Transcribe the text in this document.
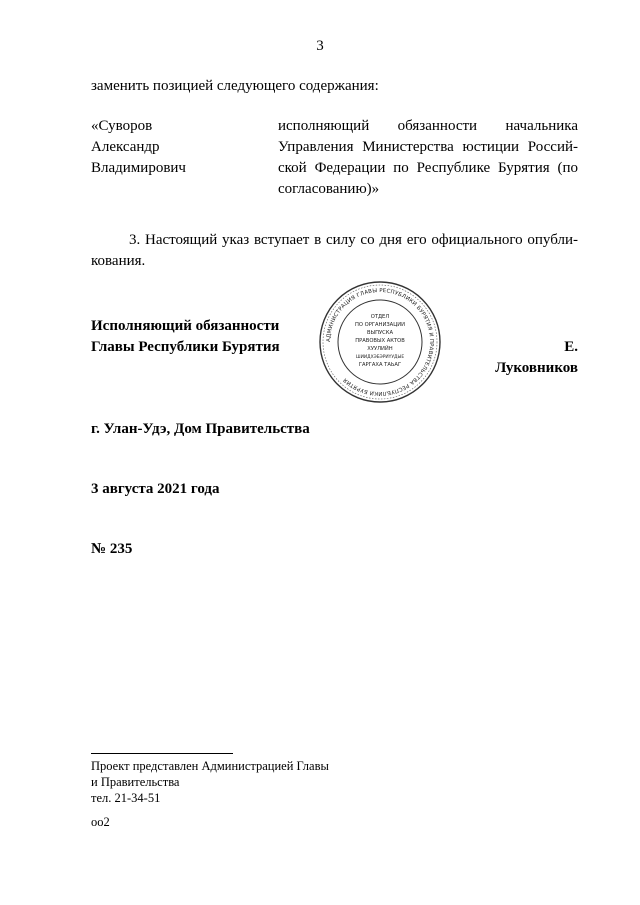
3
заменить позицией следующего содержания:
«Суворов
Александр
Владимирович
исполняющий обязанности начальника Управления Министерства юстиции Россий-ской Федерации по Республике Бурятия (по согласованию)»
3. Настоящий указ вступает в силу со дня его официального опубли-кования.
Исполняющий обязанности
Главы Республики Бурятия	АДМИНИСТРАЦИЯ ГЛАВЫ РЕСПУБЛИКИ БУРЯТИЯ И ПРАВИТЕЛЬСТВА РЕСПУБЛИКИ БУРЯТИЯ
ОТДЕЛ
ПО ОРГАНИЗАЦИИ
ВЫПУСКА
ПРАВОВЫХ АКТОВ
ХУУЛИЙН
ШИИДХЭБЭРИҮУДЫЕ
ГАРГАХА ТАЬАГ
Е. Луковников
г. Улан-Удэ, Дом Правительства
3 августа 2021 года
№ 235
Проект представлен Администрацией Главы
и Правительства
тел. 21-34-51
оо2
